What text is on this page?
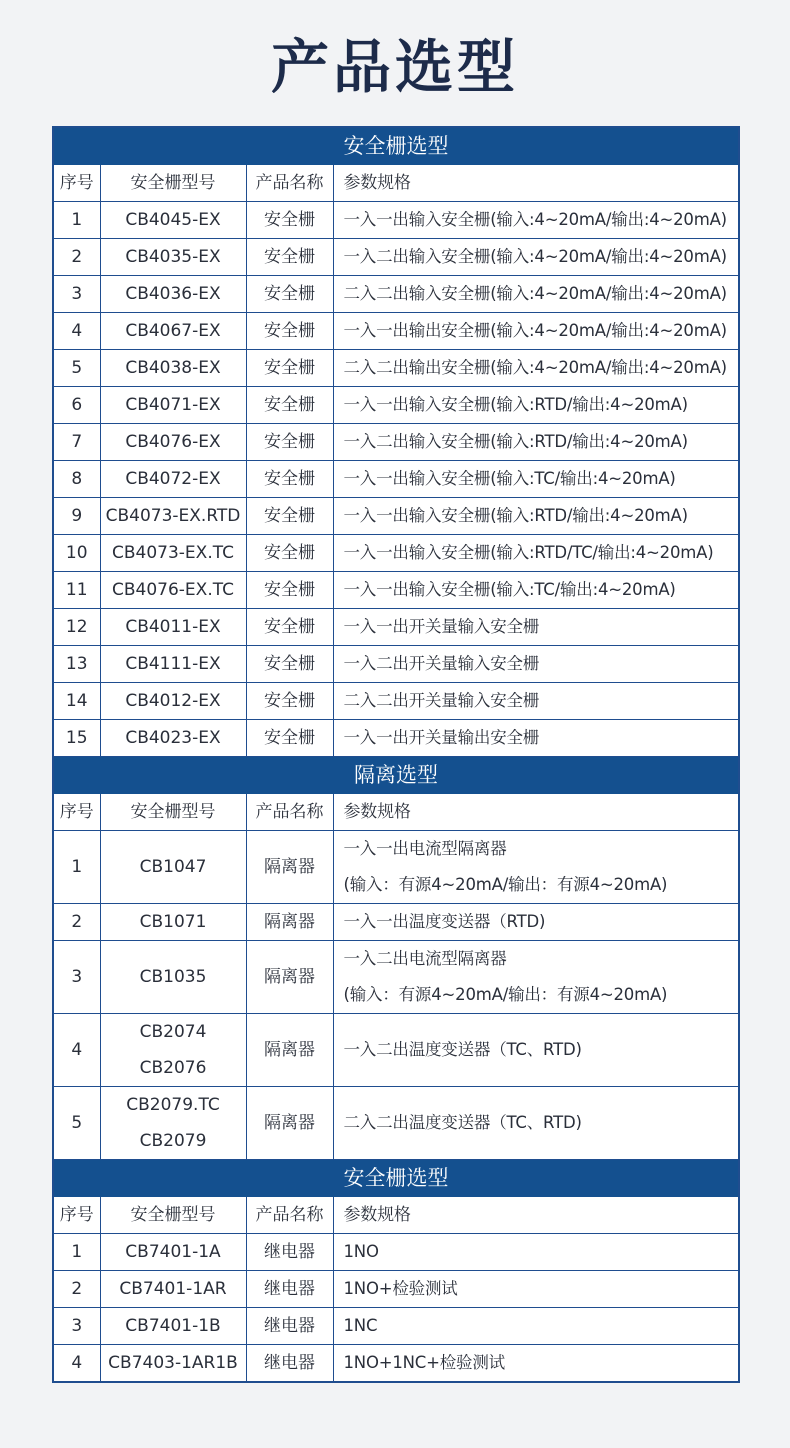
产品选型
安全栅选型			
序号	安全栅型号	产品名称	参数规格
1	CB4045-EX	安全栅	一入一出输入安全栅(输入:4~20mA/输出:4~20mA)
2	CB4035-EX	安全栅	一入二出输入安全栅(输入:4~20mA/输出:4~20mA)
3	CB4036-EX	安全栅	二入二出输入安全栅(输入:4~20mA/输出:4~20mA)
4	CB4067-EX	安全栅	一入一出输出安全栅(输入:4~20mA/输出:4~20mA)
5	CB4038-EX	安全栅	二入二出输出安全栅(输入:4~20mA/输出:4~20mA)
6	CB4071-EX	安全栅	一入一出输入安全栅(输入:RTD/输出:4~20mA)
7	CB4076-EX	安全栅	一入二出输入安全栅(输入:RTD/输出:4~20mA)
8	CB4072-EX	安全栅	一入一出输入安全栅(输入:TC/输出:4~20mA)
9	CB4073-EX.RTD	安全栅	一入一出输入安全栅(输入:RTD/输出:4~20mA)
10	CB4073-EX.TC	安全栅	一入一出输入安全栅(输入:RTD/TC/输出:4~20mA)
11	CB4076-EX.TC	安全栅	一入一出输入安全栅(输入:TC/输出:4~20mA)
12	CB4011-EX	安全栅	一入一出开关量输入安全栅
13	CB4111-EX	安全栅	一入二出开关量输入安全栅
14	CB4012-EX	安全栅	二入二出开关量输入安全栅
15	CB4023-EX	安全栅	一入一出开关量输出安全栅
隔离选型			
序号	安全栅型号	产品名称	参数规格
1	CB1047	隔离器	一入一出电流型隔离器
(输入：有源4~20mA/输出：有源4~20mA)

2	CB1071	隔离器	一入一出温度变送器（RTD)
3	CB1035	隔离器	一入二出电流型隔离器
(输入：有源4~20mA/输出：有源4~20mA)

4	CB2074
CB2076	隔离器	一入二出温度变送器（TC、RTD)
5	CB2079.TC
CB2079	隔离器	二入二出温度变送器（TC、RTD)
安全栅选型			
序号	安全栅型号	产品名称	参数规格
1	CB7401-1A	继电器	1NO
2	CB7401-1AR	继电器	1NO+检验测试
3	CB7401-1B	继电器	1NC
4	CB7403-1AR1B	继电器	1NO+1NC+检验测试
